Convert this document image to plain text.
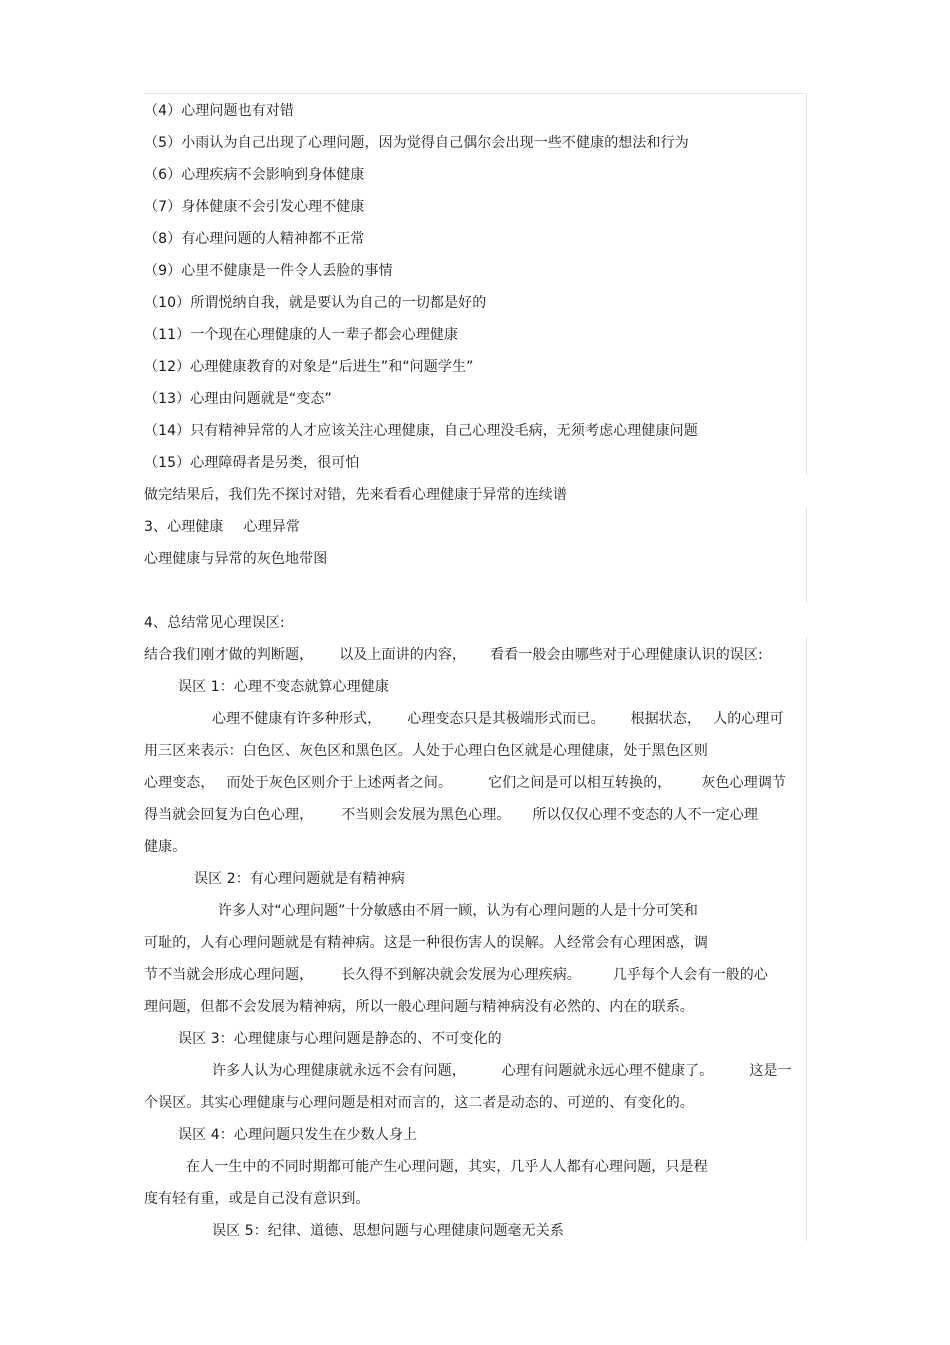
（4）心理问题也有对错
（5）小雨认为自己出现了心理问题，因为觉得自己偶尔会出现一些不健康的想法和行为
（6）心理疾病不会影响到身体健康
（7）身体健康不会引发心理不健康
（8）有心理问题的人精神都不正常
（9）心里不健康是一件令人丢脸的事情
（10）所谓悦纳自我，就是要认为自己的一切都是好的
（11）一个现在心理健康的人一辈子都会心理健康
（12）心理健康教育的对象是“后进生”和“问题学生”
（13）心理由问题就是“变态”
（14）只有精神异常的人才应该关注心理健康，自己心理没毛病，无须考虑心理健康问题
（15）心理障碍者是另类，很可怕
做完结果后，我们先不探讨对错，先来看看心理健康于异常的连续谱
3、心理健康 心理异常
心理健康与异常的灰色地带图
4、总结常见心理误区:
结合我们刚才做的判断题， 以及上面讲的内容， 看看一般会由哪些对于心理健康认识的误区:
误区 1：心理不变态就算心理健康
心理不健康有许多种形式， 心理变态只是其极端形式而已。 根据状态， 人的心理可
用三区来表示：白色区、灰色区和黑色区。人处于心理白色区就是心理健康，处于黑色区则
心理变态， 而处于灰色区则介于上述两者之间。	它们之间是可以相互转换的， 灰色心理调节
得当就会回复为白色心理， 不当则会发展为黑色心理。 所以仅仅心理不变态的人不一定心理
健康。
误区 2：有心理问题就是有精神病
许多人对“心理问题”十分敏感由不屑一顾，认为有心理问题的人是十分可笑和
可耻的，人有心理问题就是有精神病。这是一种很伤害人的误解。人经常会有心理困惑，调
节不当就会形成心理问题， 长久得不到解决就会发展为心理疾病。 几乎每个人会有一般的心
理问题，但都不会发展为精神病，所以一般心理问题与精神病没有必然的、内在的联系。
误区 3：心理健康与心理问题是静态的、不可变化的
许多人认为心理健康就永远不会有问题，	心理有问题就永远心理不健康了。	这是一
个误区。其实心理健康与心理问题是相对而言的，这二者是动态的、可逆的、有变化的。
误区 4：心理问题只发生在少数人身上
在人一生中的不同时期都可能产生心理问题，其实，几乎人人都有心理问题，只是程
度有轻有重，或是自己没有意识到。
误区 5：纪律、道德、思想问题与心理健康问题毫无关系
